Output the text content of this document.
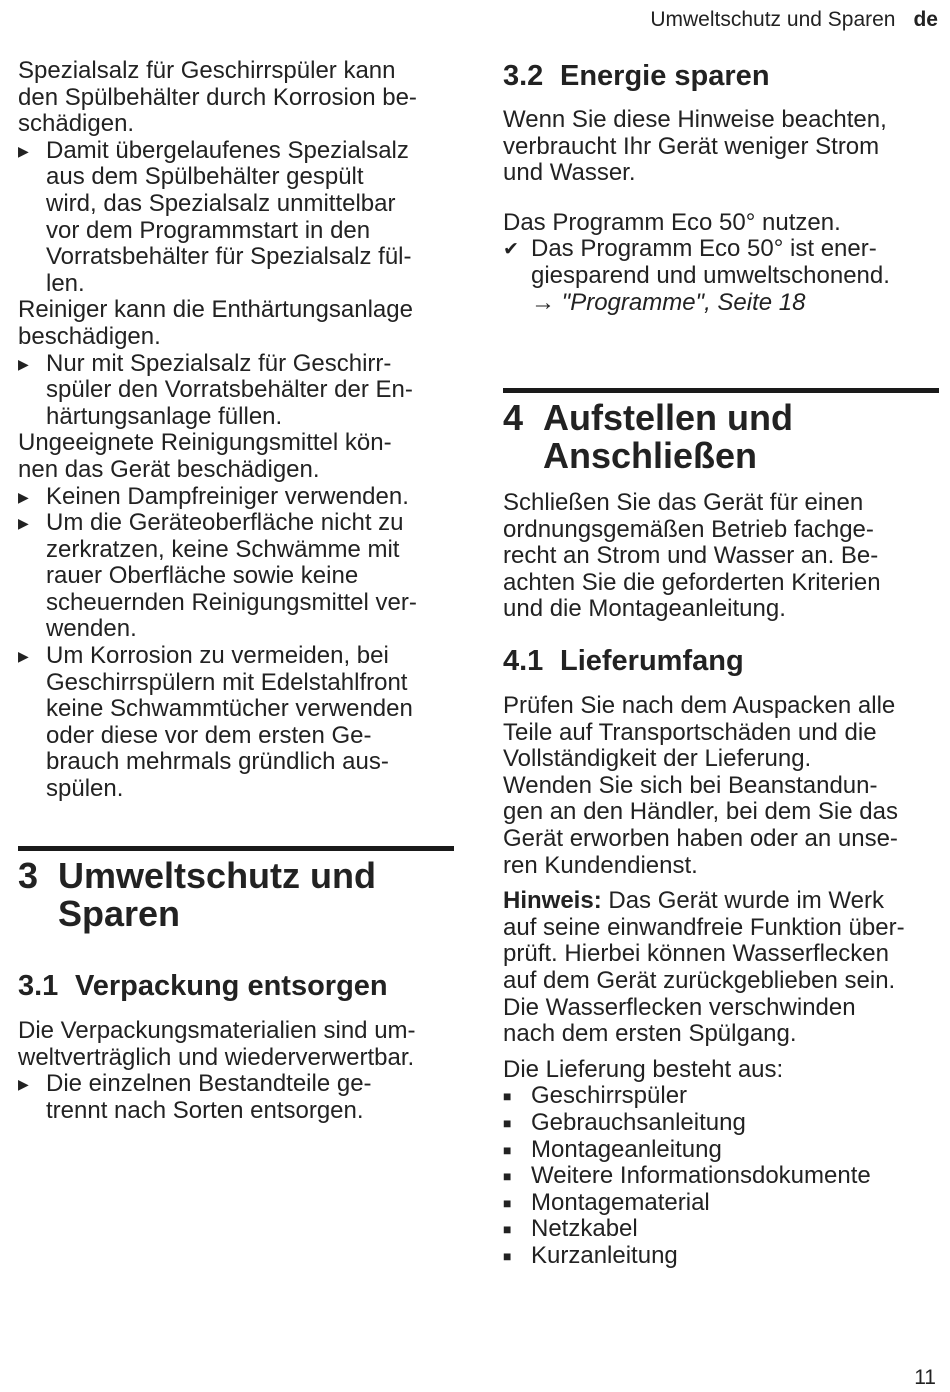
Umweltschutz und Sparen de

Spezialsalz für Geschirrspüler kann
den Spülbehälter durch Korrosion be-
schädigen.

▶ Damit übergelaufenes Spezialsalz
aus dem Spülbehälter gespült
wird, das Spezialsalz unmittelbar
vor dem Programmstart in den
Vorratsbehälter für Spezialsalz fül-
len.

Reiniger kann die Enthärtungsanlage
beschädigen.

▶ Nur mit Spezialsalz für Geschirr-
spüler den Vorratsbehälter der En-
härtungsanlage füllen.

Ungeeignete Reinigungsmittel kön-
nen das Gerät beschädigen.

▶ Keinen Dampfreiniger verwenden.
▶ Um die Geräteoberfläche nicht zu
zerkratzen, keine Schwämme mit
rauer Oberfläche sowie keine
scheuernden Reinigungsmittel ver-
wenden.
▶ Um Korrosion zu vermeiden, bei
Geschirrspülern mit Edelstahlfront
keine Schwammtücher verwenden
oder diese vor dem ersten Ge-
brauch mehrmals gründlich aus-
spülen.
3 Umweltschutz und
Sparen
3.1 Verpackung entsorgen

Die Verpackungsmaterialien sind um-
weltverträglich und wiederverwertbar.

▶ Die einzelnen Bestandteile ge-
trennt nach Sorten entsorgen.
3.2 Energie sparen

Wenn Sie diese Hinweise beachten,
verbraucht Ihr Gerät weniger Strom
und Wasser.

Das Programm Eco 50° nutzen.

✔ Das Programm Eco 50° ist ener-
giesparend und umweltschonend.
→ "Programme", Seite 18
4 Aufstellen und
Anschließen

Schließen Sie das Gerät für einen
ordnungsgemäßen Betrieb fachge-
recht an Strom und Wasser an. Be-
achten Sie die geforderten Kriterien
und die Montageanleitung.

4.1 Lieferumfang

Prüfen Sie nach dem Auspacken alle
Teile auf Transportschäden und die
Vollständigkeit der Lieferung.
Wenden Sie sich bei Beanstandun-
gen an den Händler, bei dem Sie das
Gerät erworben haben oder an unse-
ren Kundendienst.

Hinweis: Das Gerät wurde im Werk
auf seine einwandfreie Funktion über-
prüft. Hierbei können Wasserflecken
auf dem Gerät zurückgeblieben sein.
Die Wasserflecken verschwinden
nach dem ersten Spülgang.

Die Lieferung besteht aus:

■ Geschirrspüler
■ Gebrauchsanleitung
■ Montageanleitung
■ Weitere Informationsdokumente
■ Montagematerial
■ Netzkabel
■ Kurzanleitung
11
